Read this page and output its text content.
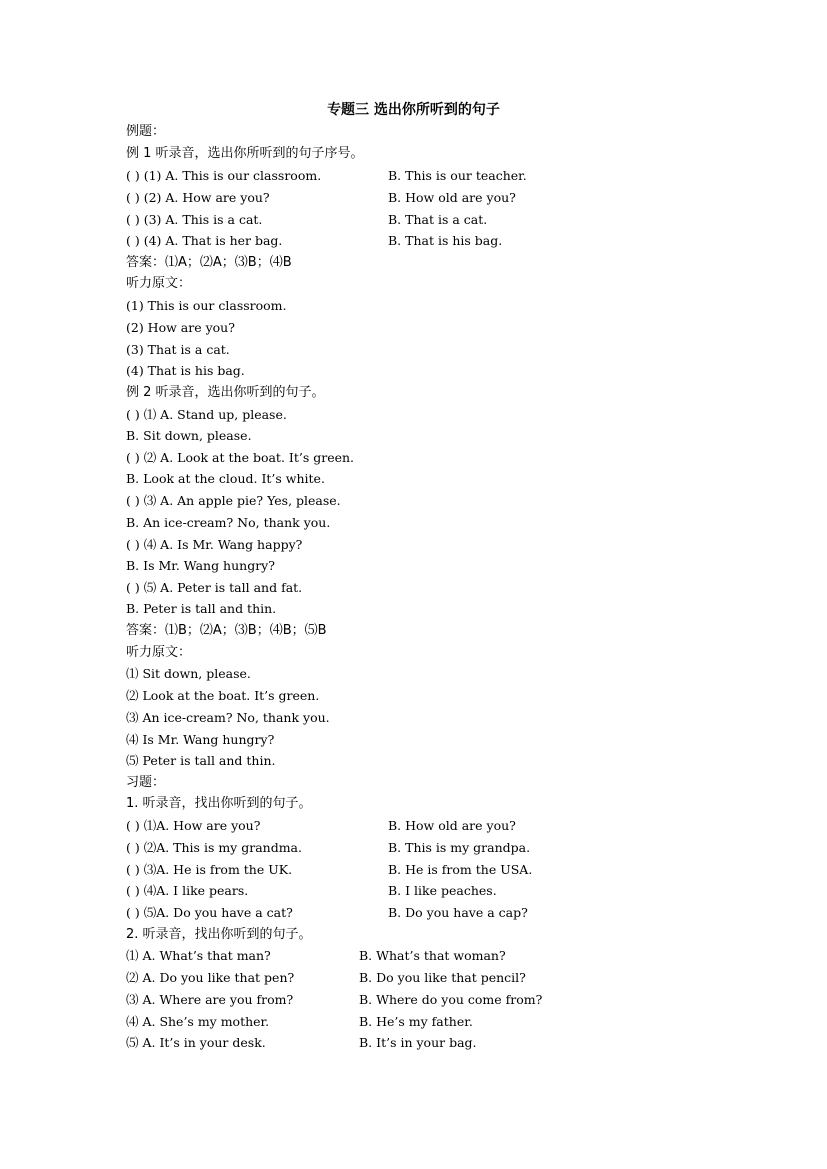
专题三 选出你所听到的句子
例题：
例 1 听录音，选出你所听到的句子序号。
( ) (1) A. This is our classroom.	B. This is our teacher.
( ) (2) A. How are you?	B. How old are you?
( ) (3) A. This is a cat.	B. That is a cat.
( ) (4) A. That is her bag.	B. That is his bag.
答案：⑴A；⑵A；⑶B；⑷B
听力原文：
(1) This is our classroom.
(2) How are you?
(3) That is a cat.
(4) That is his bag.
例 2 听录音，选出你听到的句子。
( ) ⑴ A. Stand up, please.
B. Sit down, please.
( ) ⑵ A. Look at the boat. It’s green.
B. Look at the cloud. It’s white.
( ) ⑶ A. An apple pie? Yes, please.
B. An ice-cream? No, thank you.
( ) ⑷ A. Is Mr. Wang happy?
B. Is Mr. Wang hungry?
( ) ⑸ A. Peter is tall and fat.
B. Peter is tall and thin.
答案：⑴B；⑵A；⑶B；⑷B；⑸B
听力原文：
⑴ Sit down, please.
⑵ Look at the boat. It’s green.
⑶ An ice-cream? No, thank you.
⑷ Is Mr. Wang hungry?
⑸ Peter is tall and thin.
习题：
1. 听录音，找出你听到的句子。
( ) ⑴A. How are you?	B. How old are you?
( ) ⑵A. This is my grandma.	B. This is my grandpa.
( ) ⑶A. He is from the UK.	B. He is from the USA.
( ) ⑷A. I like pears.	B. I like peaches.
( ) ⑸A. Do you have a cat?	B. Do you have a cap?
2. 听录音，找出你听到的句子。
⑴ A. What’s that man?	B. What’s that woman?
⑵ A. Do you like that pen?	B. Do you like that pencil?
⑶ A. Where are you from?	B. Where do you come from?
⑷ A. She’s my mother.	B. He’s my father.
⑸ A. It’s in your desk.	B. It’s in your bag.
